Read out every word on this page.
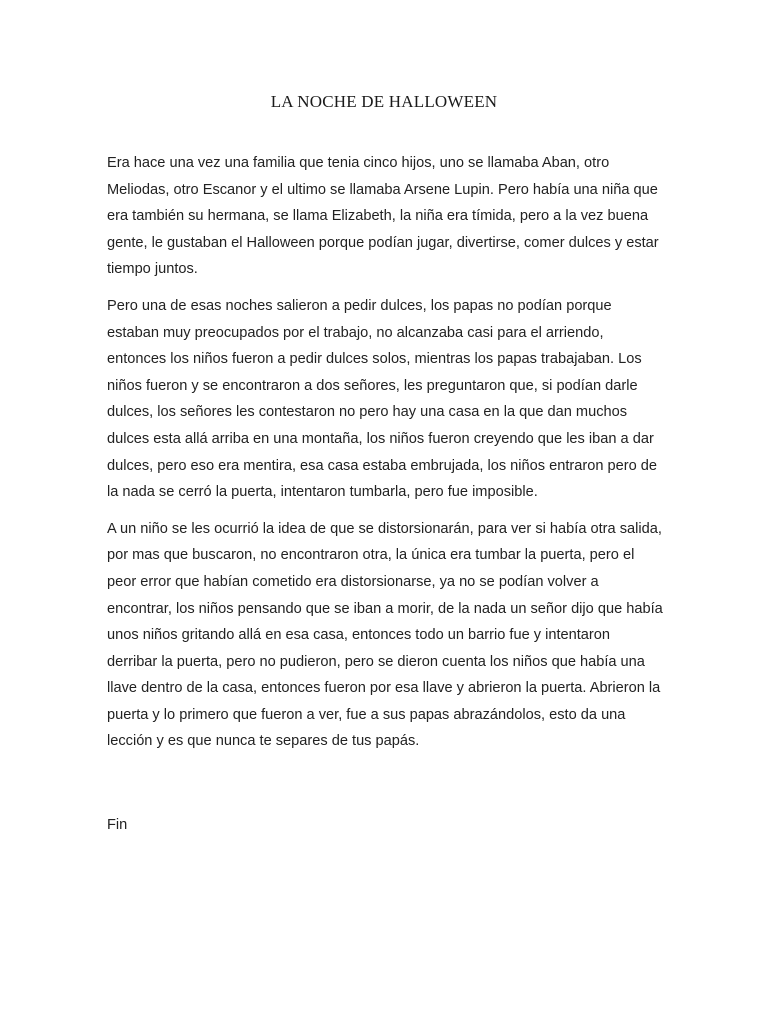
LA NOCHE DE HALLOWEEN

Era hace una vez una familia que tenia cinco hijos, uno se llamaba Aban, otro Meliodas, otro Escanor y el ultimo se llamaba Arsene Lupin. Pero había una niña que era también su hermana, se llama Elizabeth, la niña era tímida, pero a la vez buena gente, le gustaban el Halloween porque podían jugar, divertirse, comer dulces y estar tiempo juntos.

Pero una de esas noches salieron a pedir dulces, los papas no podían porque estaban muy preocupados por el trabajo, no alcanzaba casi para el arriendo, entonces los niños fueron a pedir dulces solos, mientras los papas trabajaban. Los niños fueron y se encontraron a dos señores, les preguntaron que, si podían darle dulces, los señores les contestaron no pero hay una casa en la que dan muchos dulces esta allá arriba en una montaña, los niños fueron creyendo que les iban a dar dulces, pero eso era mentira, esa casa estaba embrujada, los niños entraron pero de la nada se cerró la puerta, intentaron tumbarla, pero fue imposible.

A un niño se les ocurrió la idea de que se distorsionarán, para ver si había otra salida, por mas que buscaron, no encontraron otra, la única era tumbar la puerta, pero el peor error que habían cometido era distorsionarse, ya no se podían volver a encontrar, los niños pensando que se iban a morir, de la nada un señor dijo que había unos niños gritando allá en esa casa, entonces todo un barrio fue y intentaron derribar la puerta, pero no pudieron, pero se dieron cuenta los niños que había una llave dentro de la casa, entonces fueron por esa llave y abrieron la puerta. Abrieron la puerta y lo primero que fueron a ver, fue a sus papas abrazándolos, esto da una lección y es que nunca te separes de tus papás.

Fin
